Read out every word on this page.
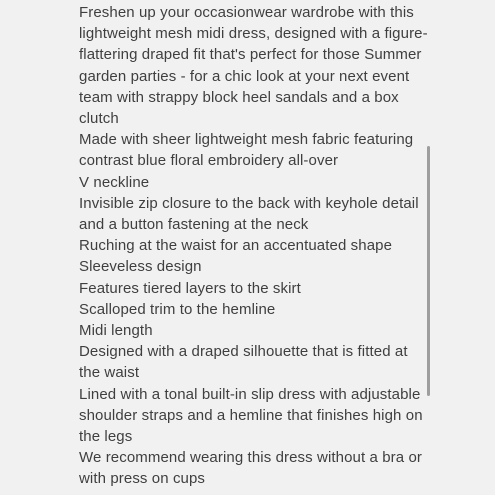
Freshen up your occasionwear wardrobe with this lightweight mesh midi dress, designed with a figure-flattering draped fit that's perfect for those Summer garden parties - for a chic look at your next event team with strappy block heel sandals and a box clutch

Made with sheer lightweight mesh fabric featuring contrast blue floral embroidery all-over
V neckline
Invisible zip closure to the back with keyhole detail and a button fastening at the neck
Ruching at the waist for an accentuated shape
Sleeveless design
Features tiered layers to the skirt
Scalloped trim to the hemline
Midi length
Designed with a draped silhouette that is fitted at the waist
Lined with a tonal built-in slip dress with adjustable shoulder straps and a hemline that finishes high on the legs
We recommend wearing this dress without a bra or with press on cups
